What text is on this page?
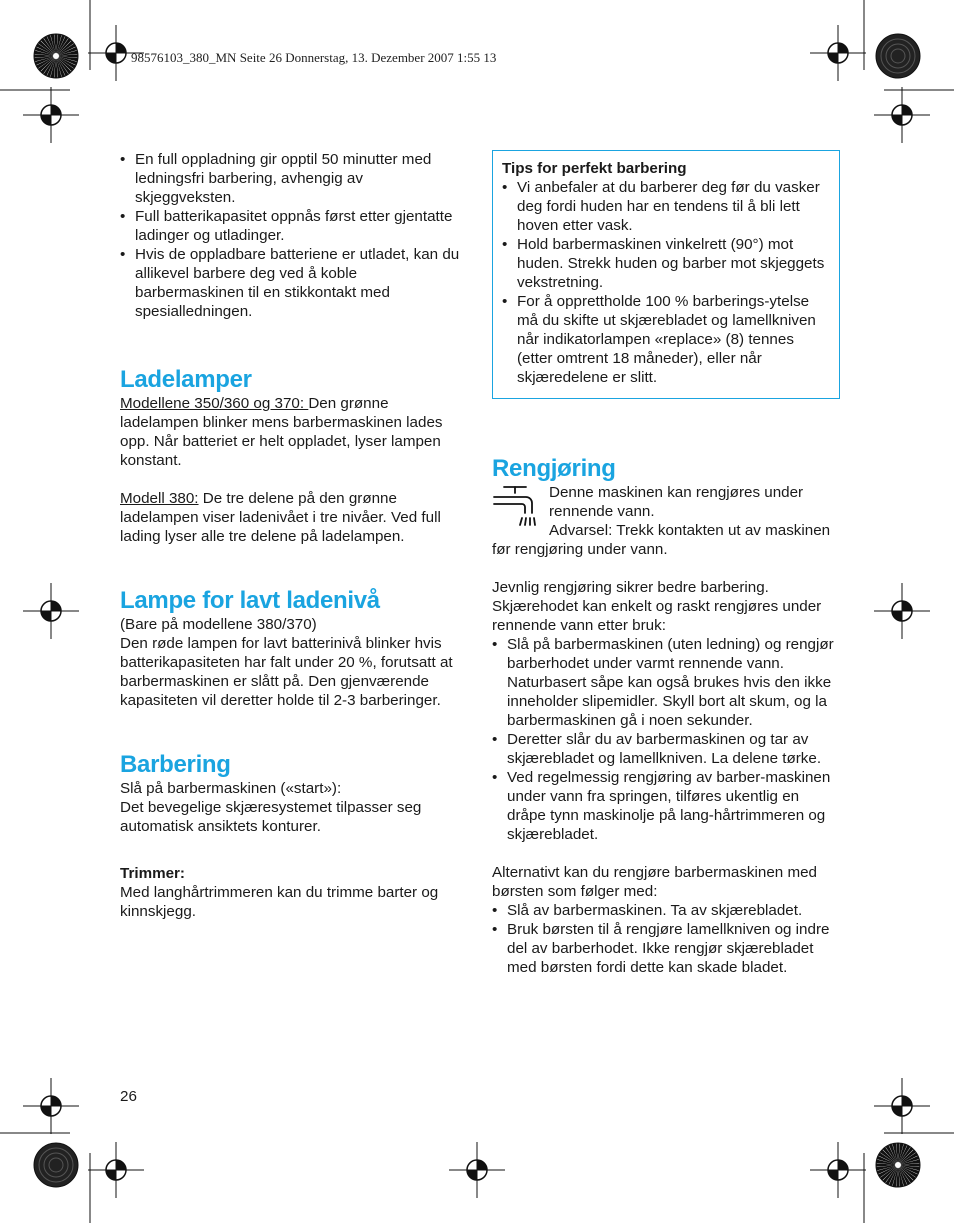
98576103_380_MN Seite 26 Donnerstag, 13. Dezember 2007 1:55 13
• En full oppladning gir opptil 50 minutter med ledningsfri barbering, avhengig av skjeggveksten.
• Full batterikapasitet oppnås først etter gjentatte ladinger og utladinger.
• Hvis de oppladbare batteriene er utladet, kan du allikevel barbere deg ved å koble barbermaskinen til en stikkontakt med spesialledningen.
Ladelamper

Modellene 350/360 og 370: Den grønne ladelampen blinker mens barbermaskinen lades opp. Når batteriet er helt oppladet, lyser lampen konstant.

Modell 380: De tre delene på den grønne ladelampen viser ladenivået i tre nivåer. Ved full lading lyser alle tre delene på ladelampen.

Lampe for lavt ladenivå

(Bare på modellene 380/370)

Den røde lampen for lavt batterinivå blinker hvis batterikapasiteten har falt under 20 %, forutsatt at barbermaskinen er slått på. Den gjenværende kapasiteten vil deretter holde til 2-3 barberinger.

Barbering

Slå på barbermaskinen («start»):

Det bevegelige skjæresystemet tilpasser seg automatisk ansiktets konturer.

Trimmer:

Med langhårtrimmeren kan du trimme barter og kinnskjegg.

26

Tips for perfekt barbering

• Vi anbefaler at du barberer deg før du vasker deg fordi huden har en tendens til å bli lett hoven etter vask.
• Hold barbermaskinen vinkelrett (90°) mot huden. Strekk huden og barber mot skjeggets vekstretning.
• For å opprettholde 100 % barberings-ytelse må du skifte ut skjærebladet og lamellkniven når indikatorlampen «replace» (8) tennes (etter omtrent 18 måneder), eller når skjæredelene er slitt.
Rengjøring

Denne maskinen kan rengjøres under rennende vann.

Advarsel: Trekk kontakten ut av maskinen før rengjøring under vann.

Jevnlig rengjøring sikrer bedre barbering. Skjærehodet kan enkelt og raskt rengjøres under rennende vann etter bruk:

• Slå på barbermaskinen (uten ledning) og rengjør barberhodet under varmt rennende vann. Naturbasert såpe kan også brukes hvis den ikke inneholder slipemidler. Skyll bort alt skum, og la barbermaskinen gå i noen sekunder.
• Deretter slår du av barbermaskinen og tar av skjærebladet og lamellkniven. La delene tørke.
• Ved regelmessig rengjøring av barber-maskinen under vann fra springen, tilføres ukentlig en dråpe tynn maskinolje på lang-hårtrimmeren og skjærebladet.

Alternativt kan du rengjøre barbermaskinen med børsten som følger med:

• Slå av barbermaskinen. Ta av skjærebladet.
• Bruk børsten til å rengjøre lamellkniven og indre del av barberhodet. Ikke rengjør skjærebladet med børsten fordi dette kan skade bladet.
